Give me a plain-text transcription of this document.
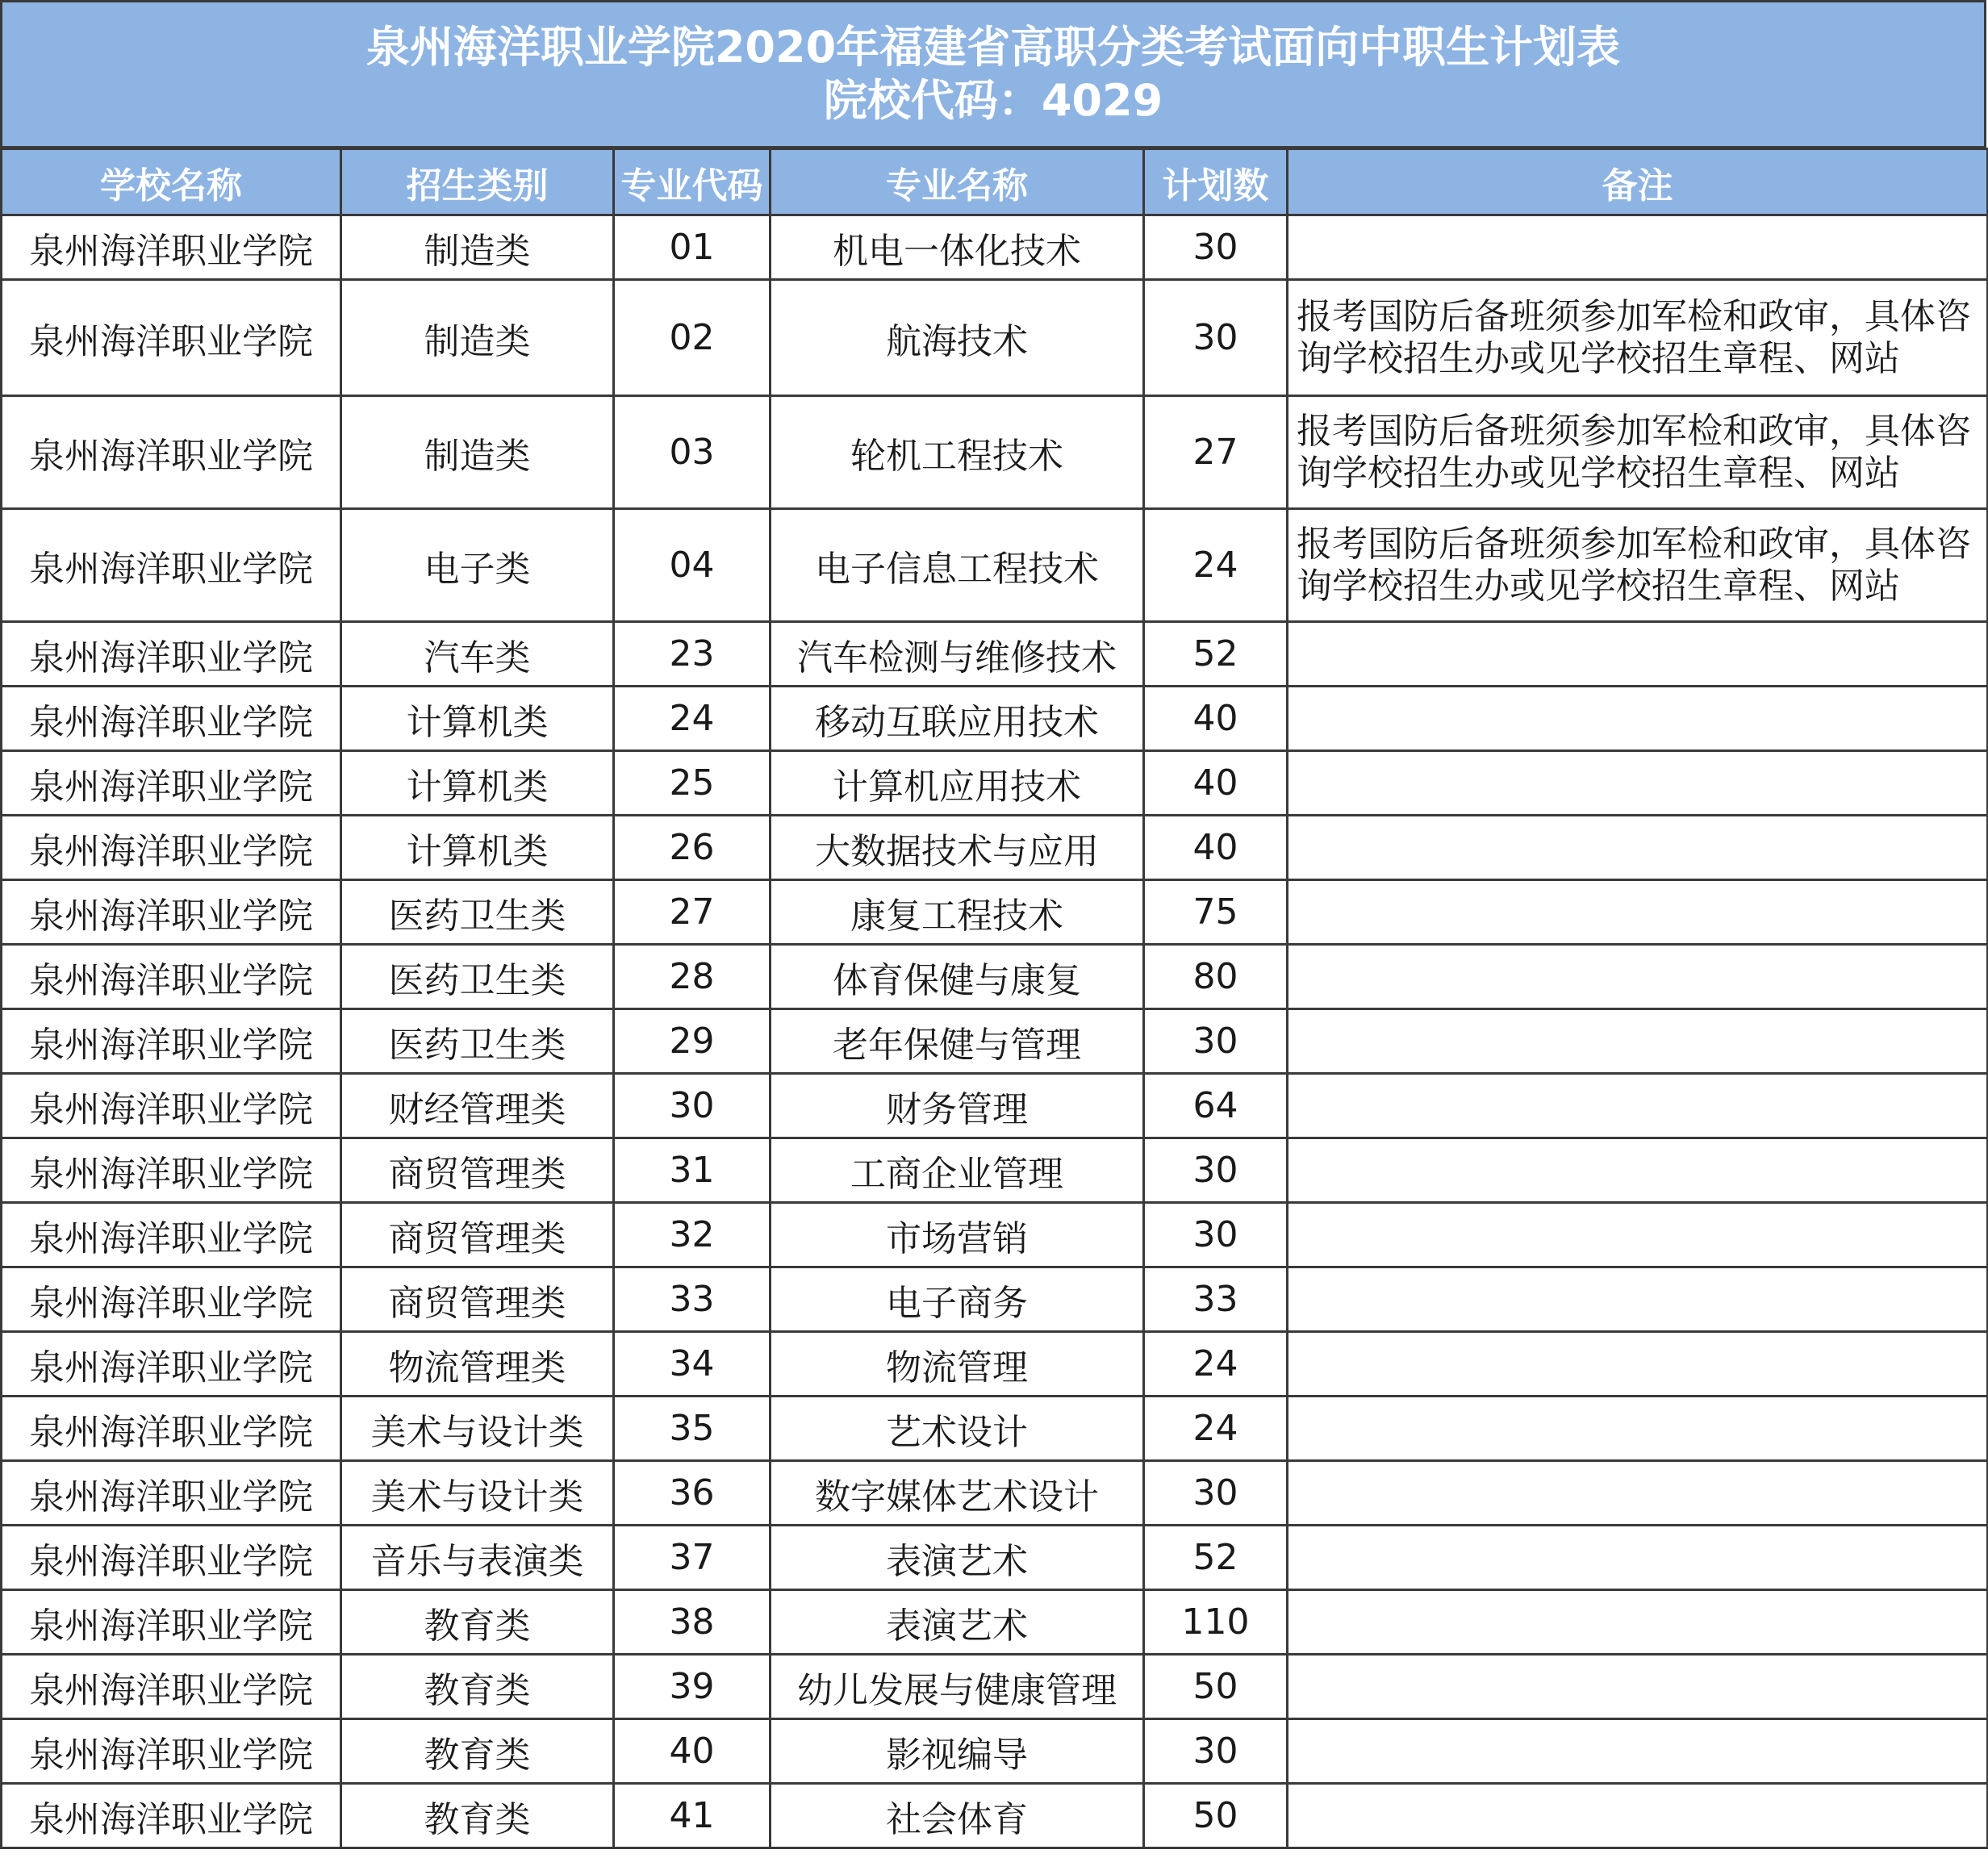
泉州海洋职业学院2020年福建省高职分类考试面向中职生计划表
院校代码：4029
学校名称	招生类别	专业代码	专业名称	计划数	备注
泉州海洋职业学院	制造类	01	机电一体化技术	30	
泉州海洋职业学院	制造类	02	航海技术	30	报考国防后备班须参加军检和政审，具体咨询学校招生办或见学校招生章程、网站
泉州海洋职业学院	制造类	03	轮机工程技术	27	报考国防后备班须参加军检和政审，具体咨询学校招生办或见学校招生章程、网站
泉州海洋职业学院	电子类	04	电子信息工程技术	24	报考国防后备班须参加军检和政审，具体咨询学校招生办或见学校招生章程、网站
泉州海洋职业学院	汽车类	23	汽车检测与维修技术	52	
泉州海洋职业学院	计算机类	24	移动互联应用技术	40	
泉州海洋职业学院	计算机类	25	计算机应用技术	40	
泉州海洋职业学院	计算机类	26	大数据技术与应用	40	
泉州海洋职业学院	医药卫生类	27	康复工程技术	75	
泉州海洋职业学院	医药卫生类	28	体育保健与康复	80	
泉州海洋职业学院	医药卫生类	29	老年保健与管理	30	
泉州海洋职业学院	财经管理类	30	财务管理	64	
泉州海洋职业学院	商贸管理类	31	工商企业管理	30	
泉州海洋职业学院	商贸管理类	32	市场营销	30	
泉州海洋职业学院	商贸管理类	33	电子商务	33	
泉州海洋职业学院	物流管理类	34	物流管理	24	
泉州海洋职业学院	美术与设计类	35	艺术设计	24	
泉州海洋职业学院	美术与设计类	36	数字媒体艺术设计	30	
泉州海洋职业学院	音乐与表演类	37	表演艺术	52	
泉州海洋职业学院	教育类	38	表演艺术	110	
泉州海洋职业学院	教育类	39	幼儿发展与健康管理	50	
泉州海洋职业学院	教育类	40	影视编导	30	
泉州海洋职业学院	教育类	41	社会体育	50	
